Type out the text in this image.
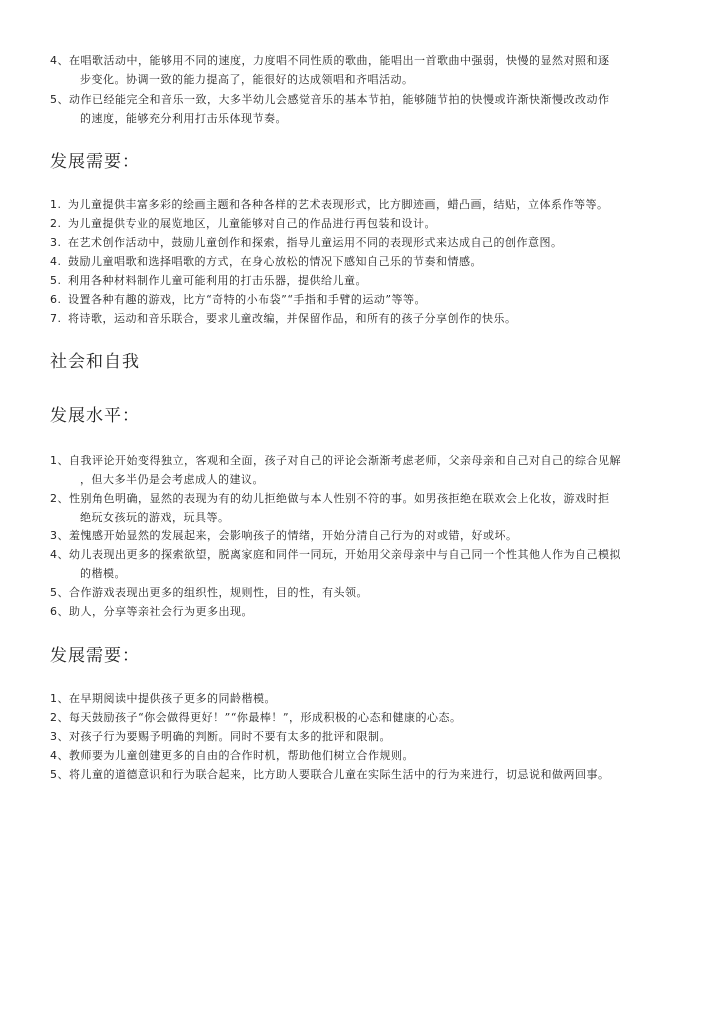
4、在唱歌活动中，能够用不同的速度，力度唱不同性质的歌曲，能唱出一首歌曲中强弱，快慢的显然对照和逐
步变化。协调一致的能力提高了，能很好的达成领唱和齐唱活动。
5、动作已经能完全和音乐一致，大多半幼儿会感觉音乐的基本节拍，能够随节拍的快慢或许渐快渐慢改改动作
的速度，能够充分利用打击乐体现节奏。
发展需要：
1. 为儿童提供丰富多彩的绘画主题和各种各样的艺术表现形式，比方脚迹画，蜡凸画，结贴，立体系作等等。
2. 为儿童提供专业的展览地区，儿童能够对自己的作品进行再包装和设计。
3. 在艺术创作活动中，鼓励儿童创作和探索，指导儿童运用不同的表现形式来达成自己的创作意图。
4. 鼓励儿童唱歌和选择唱歌的方式，在身心放松的情况下感知自己乐的节奏和情感。
5. 利用各种材料制作儿童可能利用的打击乐器，提供给儿童。
6. 设置各种有趣的游戏，比方“奇特的小布袋”“手指和手臂的运动”等等。
7. 将诗歌，运动和音乐联合，要求儿童改编，并保留作品，和所有的孩子分享创作的快乐。
社会和自我
发展水平：
1、自我评论开始变得独立，客观和全面，孩子对自己的评论会渐渐考虑老师，父亲母亲和自己对自己的综合见解
，但大多半仍是会考虑成人的建议。
2、性别角色明确，显然的表现为有的幼儿拒绝做与本人性别不符的事。如男孩拒绝在联欢会上化妆，游戏时拒
绝玩女孩玩的游戏，玩具等。
3、羞愧感开始显然的发展起来，会影响孩子的情绪，开始分清自己行为的对或错，好或坏。
4、幼儿表现出更多的探索欲望，脱离家庭和同伴一同玩，开始用父亲母亲中与自己同一个性其他人作为自己模拟
的楷模。
5、合作游戏表现出更多的组织性，规则性，目的性，有头领。
6、助人，分享等亲社会行为更多出现。
发展需要：
1、在早期阅读中提供孩子更多的同龄楷模。
2、每天鼓励孩子“你会做得更好！”“你最棒！”，形成积极的心态和健康的心态。
3、对孩子行为要赐予明确的判断。同时不要有太多的批评和限制。
4、教师要为儿童创建更多的自由的合作时机，帮助他们树立合作规则。
5、将儿童的道德意识和行为联合起来，比方助人要联合儿童在实际生活中的行为来进行，切忌说和做两回事。
